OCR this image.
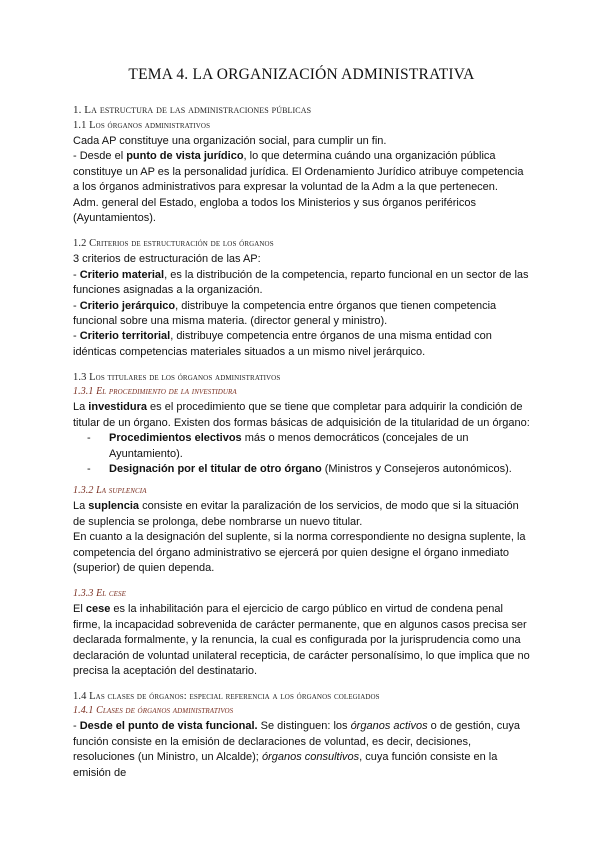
TEMA 4. LA ORGANIZACIÓN ADMINISTRATIVA
1. La estructura de las administraciones públicas
1.1 Los órganos administrativos

Cada AP constituye una organización social, para cumplir un fin.

- Desde el punto de vista jurídico, lo que determina cuándo una organización pública constituye un AP es la personalidad jurídica. El Ordenamiento Jurídico atribuye competencia a los órganos administrativos para expresar la voluntad de la Adm a la que pertenecen.

Adm. general del Estado, engloba a todos los Ministerios y sus órganos periféricos (Ayuntamientos).

1.2 Criterios de estructuración de los órganos

3 criterios de estructuración de las AP:

- Criterio material, es la distribución de la competencia, reparto funcional en un sector de las funciones asignadas a la organización.

- Criterio jerárquico, distribuye la competencia entre órganos que tienen competencia funcional sobre una misma materia. (director general y ministro).

- Criterio territorial, distribuye competencia entre órganos de una misma entidad con idénticas competencias materiales situados a un mismo nivel jerárquico.

1.3 Los titulares de los órganos administrativos
1.3.1 El procedimiento de la investidura

La investidura es el procedimiento que se tiene que completar para adquirir la condición de titular de un órgano. Existen dos formas básicas de adquisición de la titularidad de un órgano:

- Procedimientos electivos más o menos democráticos (concejales de un Ayuntamiento).
- Designación por el titular de otro órgano (Ministros y Consejeros autonómicos).
1.3.2 La suplencia

La suplencia consiste en evitar la paralización de los servicios, de modo que si la situación de suplencia se prolonga, debe nombrarse un nuevo titular.

En cuanto a la designación del suplente, si la norma correspondiente no designa suplente, la competencia del órgano administrativo se ejercerá por quien designe el órgano inmediato (superior) de quien dependa.

1.3.3 El cese

El cese es la inhabilitación para el ejercicio de cargo público en virtud de condena penal firme, la incapacidad sobrevenida de carácter permanente, que en algunos casos precisa ser declarada formalmente, y la renuncia, la cual es configurada por la jurisprudencia como una declaración de voluntad unilateral recepticia, de carácter personalísimo, lo que implica que no precisa la aceptación del destinatario.

1.4 Las clases de órganos: especial referencia a los órganos colegiados
1.4.1 Clases de órganos administrativos

- Desde el punto de vista funcional. Se distinguen: los órganos activos o de gestión, cuya función consiste en la emisión de declaraciones de voluntad, es decir, decisiones, resoluciones (un Ministro, un Alcalde); órganos consultivos, cuya función consiste en la emisión de
